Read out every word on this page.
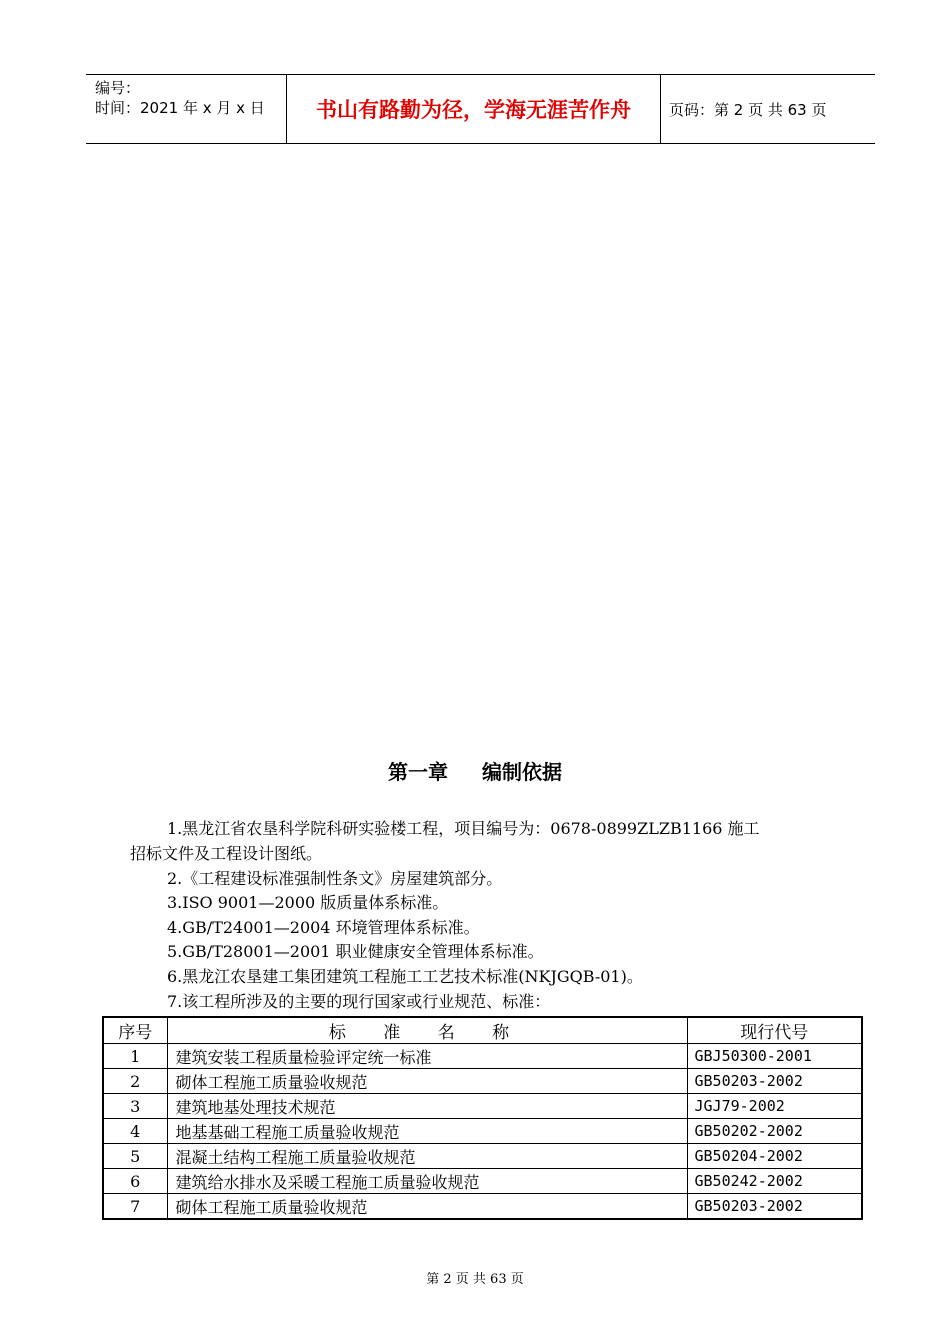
编号：
时间：2021 年 x 月 x 日 书山有路勤为径，学海无涯苦作舟	页码：第 2 页 共 63 页
第一章 编制依据
1.黑龙江省农垦科学院科研实验楼工程，项目编号为：0678-0899ZLZB1166 施工
招标文件及工程设计图纸。
2.《工程建设标准强制性条文》房屋建筑部分。
3.ISO 9001—2000 版质量体系标准。
4.GB/T24001—2004 环境管理体系标准。
5.GB/T28001—2001 职业健康安全管理体系标准。
6.黑龙江农垦建工集团建筑工程施工工艺技术标准(NKJGQB-01)。
7.该工程所涉及的主要的现行国家或行业规范、标准：
序号	标 准 名 称	现行代号
1	建筑安装工程质量检验评定统一标准	GBJ50300-2001
2	砌体工程施工质量验收规范	GB50203-2002
3	建筑地基处理技术规范	JGJ79-2002
4	地基基础工程施工质量验收规范	GB50202-2002
5	混凝土结构工程施工质量验收规范	GB50204-2002
6	建筑给水排水及采暖工程施工质量验收规范	GB50242-2002
7	砌体工程施工质量验收规范	GB50203-2002
第 2 页 共 63 页
